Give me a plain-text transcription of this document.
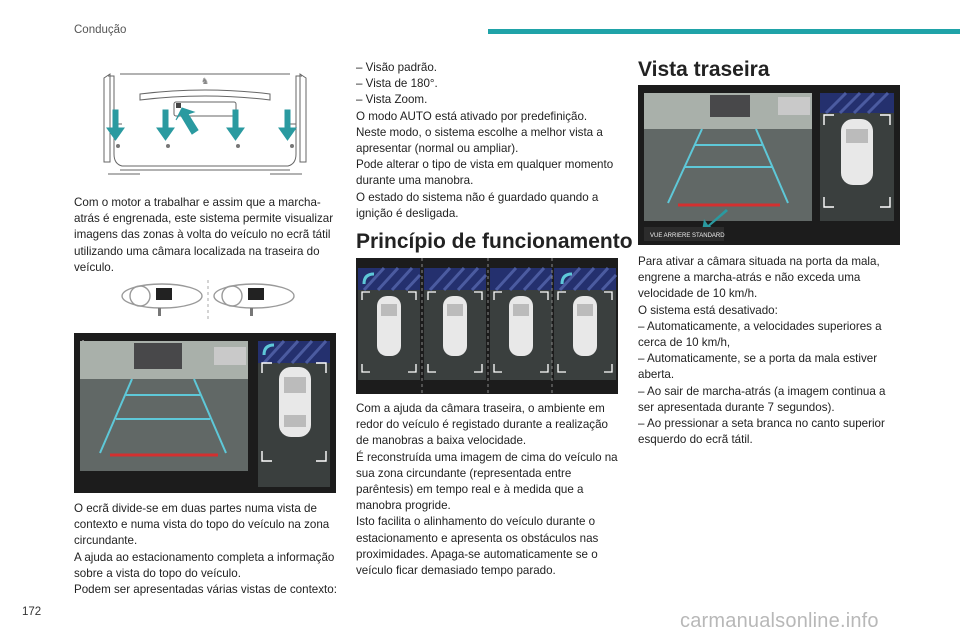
Condução
♞

Com o motor a trabalhar e assim que a marcha-atrás é engrenada, este sistema permite visualizar imagens das zonas à volta do veículo no ecrã tátil utilizando uma câmara localizada na traseira do veículo.

O ecrã divide-se em duas partes numa vista de contexto e numa vista do topo do veículo na zona circundante.

A ajuda ao estacionamento completa a informação sobre a vista do topo do veículo.

Podem ser apresentadas várias vistas de contexto:

– Visão padrão.

– Vista de 180°.

– Vista Zoom.

O modo AUTO está ativado por predefinição.

Neste modo, o sistema escolhe a melhor vista a apresentar (normal ou ampliar).

Pode alterar o tipo de vista em qualquer momento durante uma manobra.

O estado do sistema não é guardado quando a ignição é desligada.

Princípio de funcionamento

Com a ajuda da câmara traseira, o ambiente em redor do veículo é registado durante a realização de manobras a baixa velocidade.

É reconstruída uma imagem de cima do veículo na sua zona circundante (representada entre parêntesis) em tempo real e à medida que a manobra progride.

Isto facilita o alinhamento do veículo durante o estacionamento e apresenta os obstáculos nas proximidades. Apaga-se automaticamente se o veículo ficar demasiado tempo parado.

Vista traseira
VUE ARRIERE STANDARD

Para ativar a câmara situada na porta da mala, engrene a marcha-atrás e não exceda uma velocidade de 10 km/h.

O sistema está desativado:

– Automaticamente, a velocidades superiores a cerca de 10 km/h,

– Automaticamente, se a porta da mala estiver aberta.

– Ao sair de marcha-atrás (a imagem continua a ser apresentada durante 7 segundos).

– Ao pressionar a seta branca no canto superior esquerdo do ecrã tátil.

172	carmanualsonline.info
